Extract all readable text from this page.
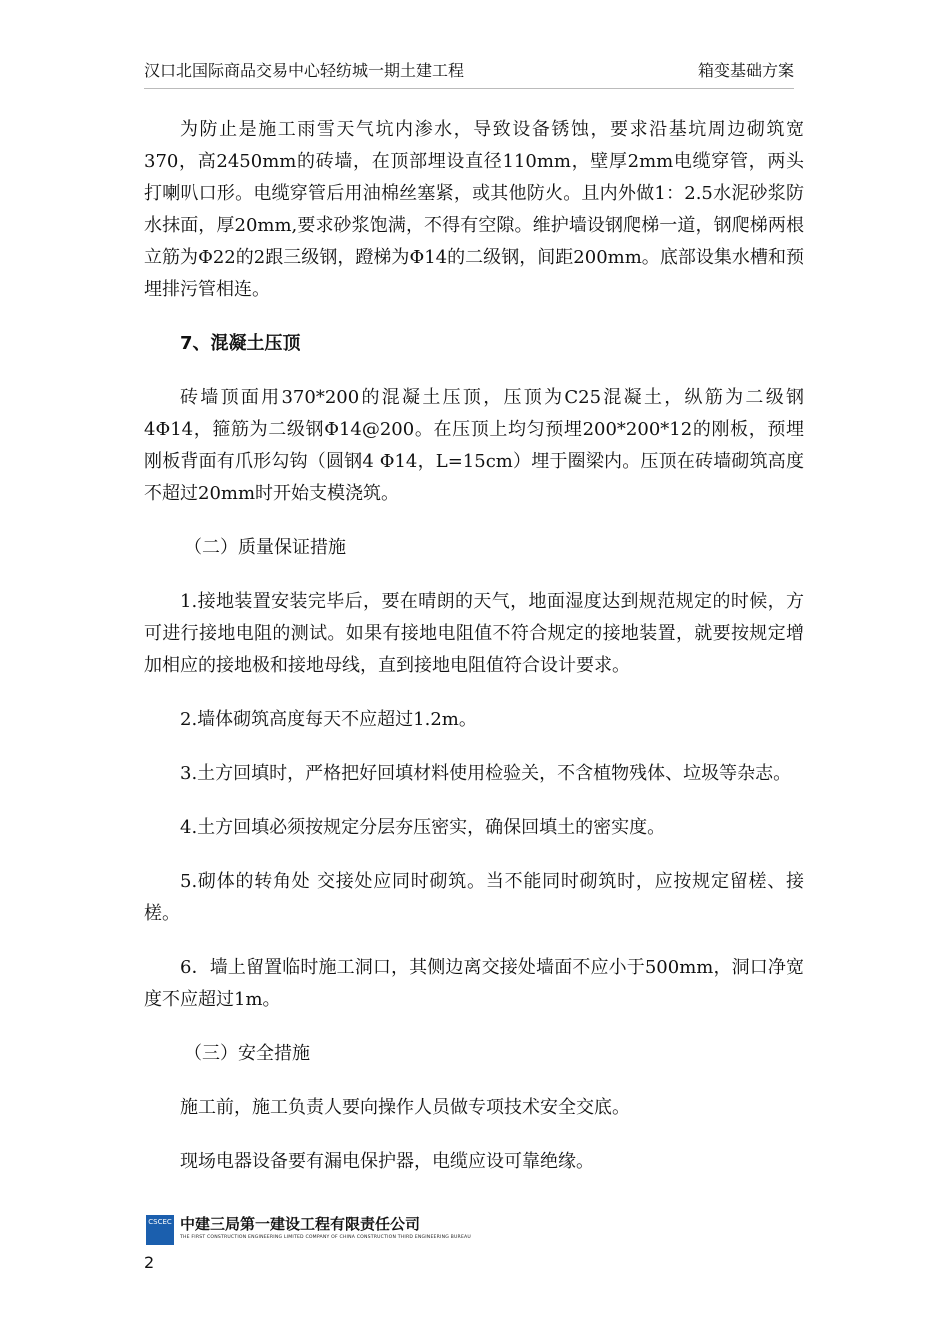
汉口北国际商品交易中心轻纺城一期土建工程	箱变基础方案

为防止是施工雨雪天气坑内渗水，导致设备锈蚀，要求沿基坑周边砌筑宽370，高2450mm的砖墙，在顶部埋设直径110mm，壁厚2mm电缆穿管，两头打喇叭口形。电缆穿管后用油棉丝塞紧，或其他防火。且内外做1：2.5水泥砂浆防水抹面，厚20mm,要求砂浆饱满，不得有空隙。维护墙设钢爬梯一道，钢爬梯两根立筋为Φ22的2跟三级钢，蹬梯为Φ14的二级钢，间距200mm。底部设集水槽和预埋排污管相连。

7、混凝土压顶

砖墙顶面用370*200的混凝土压顶，压顶为C25混凝土，纵筋为二级钢4Φ14，箍筋为二级钢Φ14@200。在压顶上均匀预埋200*200*12的刚板，预埋刚板背面有爪形勾钩（圆钢4 Φ14，L=15cm）埋于圈梁内。压顶在砖墙砌筑高度不超过20mm时开始支模浇筑。

（二）质量保证措施

1.接地装置安装完毕后，要在晴朗的天气，地面湿度达到规范规定的时候，方可进行接地电阻的测试。如果有接地电阻值不符合规定的接地装置，就要按规定增加相应的接地极和接地母线，直到接地电阻值符合设计要求。

2.墙体砌筑高度每天不应超过1.2m。

3.土方回填时，严格把好回填材料使用检验关，不含植物残体、垃圾等杂志。

4.土方回填必须按规定分层夯压密实，确保回填土的密实度。

5.砌体的转角处 交接处应同时砌筑。当不能同时砌筑时，应按规定留槎、接槎。

6．墙上留置临时施工洞口，其侧边离交接处墙面不应小于500mm，洞口净宽度不应超过1m。

（三）安全措施

施工前，施工负责人要向操作人员做专项技术安全交底。

现场电器设备要有漏电保护器，电缆应设可靠绝缘。

CSCEC 中建三局第一建设工程有限责任公司
THE FIRST CONSTRUCTION ENGINEERING LIMITED COMPANY OF CHINA CONSTRUCTION THIRD ENGINEERING BUREAU
2
